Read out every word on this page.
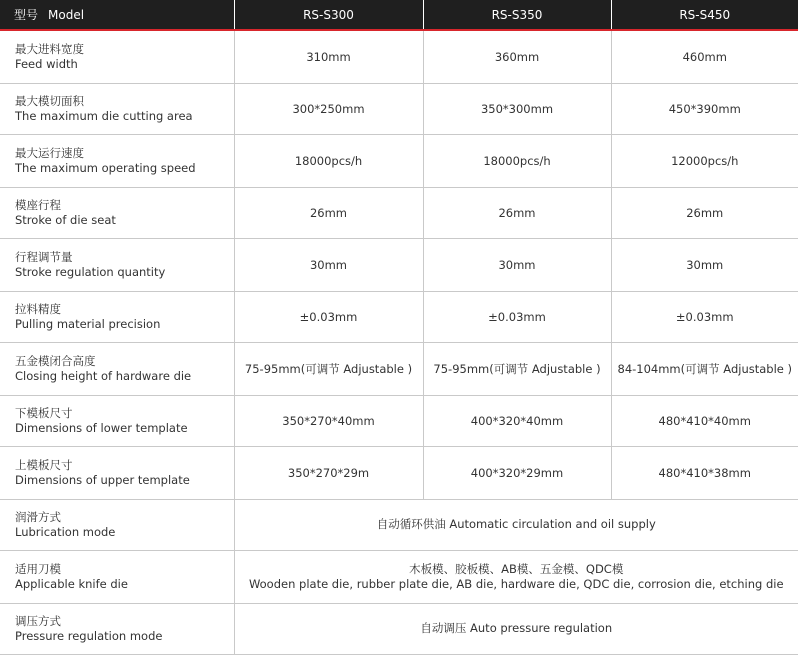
型号 Model	RS-S300	RS-S350	RS-S450

最大进料宽度
Feed width	310mm	360mm	460mm

最大模切面积
The maximum die cutting area	300*250mm	350*300mm	450*390mm

最大运行速度
The maximum operating speed	18000pcs/h	18000pcs/h	12000pcs/h

模座行程
Stroke of die seat	26mm	26mm	26mm

行程调节量
Stroke regulation quantity	30mm	30mm	30mm

拉料精度
Pulling material precision	±0.03mm	±0.03mm	±0.03mm

五金模闭合高度
Closing height of hardware die	75-95mm(可调节 Adjustable )	75-95mm(可调节 Adjustable )	84-104mm(可调节 Adjustable )

下模板尺寸
Dimensions of lower template	350*270*40mm	400*320*40mm	480*410*40mm

上模板尺寸
Dimensions of upper template	350*270*29m	400*320*29mm	480*410*38mm

润滑方式
Lubrication mode	自动循环供油 Automatic circulation and oil supply		

适用刀模
Applicable knife die	木板模、胶板模、AB模、五金模、QDC模
Wooden plate die, rubber plate die, AB die, hardware die, QDC die, corrosion die, etching die		

调压方式
Pressure regulation mode	自动调压 Auto pressure regulation		
